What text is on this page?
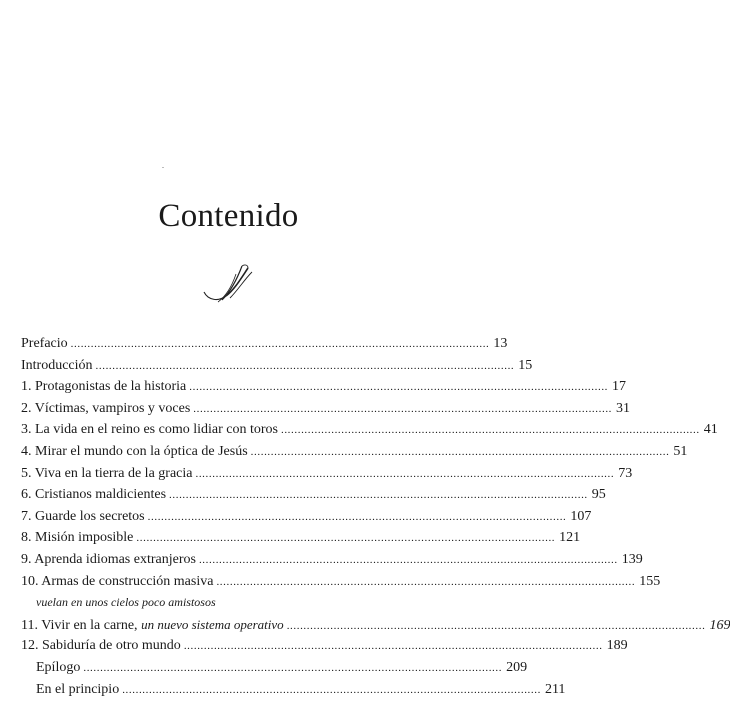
Contenido
Prefacio ............................................................................................................................. 13
Introducción ............................................................................................................................. 15
1. Protagonistas de la historia ............................................................................................................................. 17
2. Víctimas, vampiros y voces ............................................................................................................................. 31
3. La vida en el reino es como lidiar con toros ............................................................................................................................. 41
4. Mirar el mundo con la óptica de Jesús ............................................................................................................................. 51
5. Viva en la tierra de la gracia ............................................................................................................................. 73
6. Cristianos maldicientes ............................................................................................................................. 95
7. Guarde los secretos ............................................................................................................................. 107
8. Misión imposible ............................................................................................................................. 121
9. Aprenda idiomas extranjeros ............................................................................................................................. 139
10. Armas de construcción masiva ............................................................................................................................. 155
vuelan en unos cielos poco amistosos
11. Vivir en la carne, un nuevo sistema operativo ............................................................................................................................. 169
12. Sabiduría de otro mundo ............................................................................................................................. 189
Epílogo ............................................................................................................................. 209
En el principio ............................................................................................................................. 211
